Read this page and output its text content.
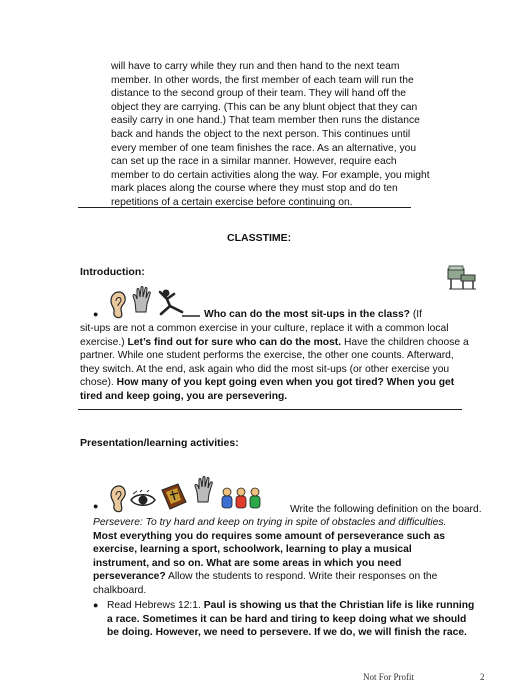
will have to carry while they run and then hand to the next team
member. In other words, the first member of each team will run the
distance to the second group of their team. They will hand off the
object they are carrying. (This can be any blunt object that they can
easily carry in one hand.) That team member then runs the distance
back and hands the object to the next person. This continues until
every member of one team finishes the race. As an alternative, you
can set up the race in a similar manner. However, require each
member to do certain activities along the way. For example, you might
mark places along the course where they must stop and do ten
repetitions of a certain exercise before continuing on.
CLASSTIME:
Introduction:
●	Who can do the most sit-ups in the class? (If
sit-ups are not a common exercise in your culture, replace it with a common local
exercise.) Let’s find out for sure who can do the most. Have the children choose a
partner. While one student performs the exercise, the other one counts. Afterward,
they switch. At the end, ask again who did the most sit-ups (or other exercise you
chose). How many of you kept going even when you got tired? When you get
tired and keep going, you are persevering.
Presentation/learning activities:
●	Write the following definition on the board.
Persevere: To try hard and keep on trying in spite of obstacles and difficulties.
Most everything you do requires some amount of perseverance such as
exercise, learning a sport, schoolwork, learning to play a musical
instrument, and so on. What are some areas in which you need
perseverance? Allow the students to respond. Write their responses on the
chalkboard.
● Read Hebrews 12:1. Paul is showing us that the Christian life is like running
a race. Sometimes it can be hard and tiring to keep doing what we should
be doing. However, we need to persevere. If we do, we will finish the race.
Not For Profit	2
